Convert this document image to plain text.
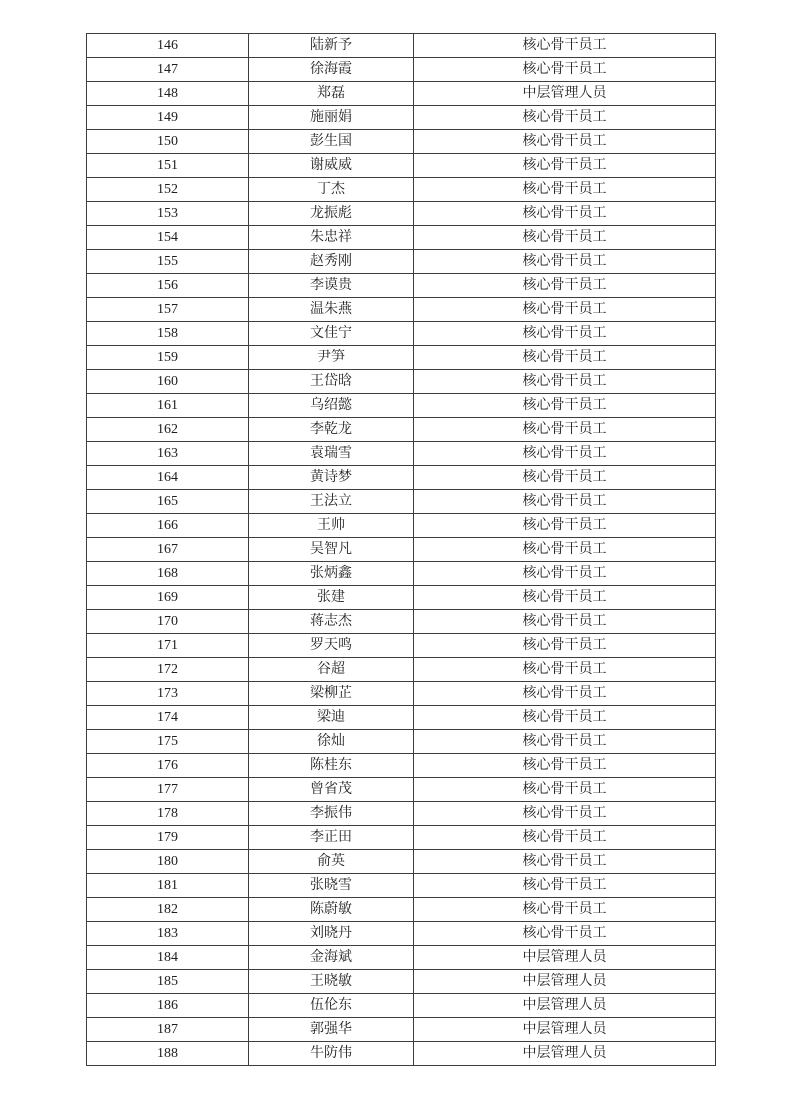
146	陆新予	核心骨干员工
147	徐海霞	核心骨干员工
148	郑磊	中层管理人员
149	施丽娟	核心骨干员工
150	彭生国	核心骨干员工
151	谢威威	核心骨干员工
152	丁杰	核心骨干员工
153	龙振彪	核心骨干员工
154	朱忠祥	核心骨干员工
155	赵秀刚	核心骨干员工
156	李谟贵	核心骨干员工
157	温朱燕	核心骨干员工
158	文佳宁	核心骨干员工
159	尹笋	核心骨干员工
160	王岱晗	核心骨干员工
161	乌绍懿	核心骨干员工
162	李乾龙	核心骨干员工
163	袁瑞雪	核心骨干员工
164	黄诗梦	核心骨干员工
165	王法立	核心骨干员工
166	王帅	核心骨干员工
167	吴智凡	核心骨干员工
168	张炳鑫	核心骨干员工
169	张建	核心骨干员工
170	蒋志杰	核心骨干员工
171	罗天鸣	核心骨干员工
172	谷超	核心骨干员工
173	梁柳芷	核心骨干员工
174	梁迪	核心骨干员工
175	徐灿	核心骨干员工
176	陈桂东	核心骨干员工
177	曾省茂	核心骨干员工
178	李振伟	核心骨干员工
179	李正田	核心骨干员工
180	俞英	核心骨干员工
181	张晓雪	核心骨干员工
182	陈蔚敏	核心骨干员工
183	刘晓丹	核心骨干员工
184	金海斌	中层管理人员
185	王晓敏	中层管理人员
186	伍伦东	中层管理人员
187	郭强华	中层管理人员
188	牛防伟	中层管理人员
